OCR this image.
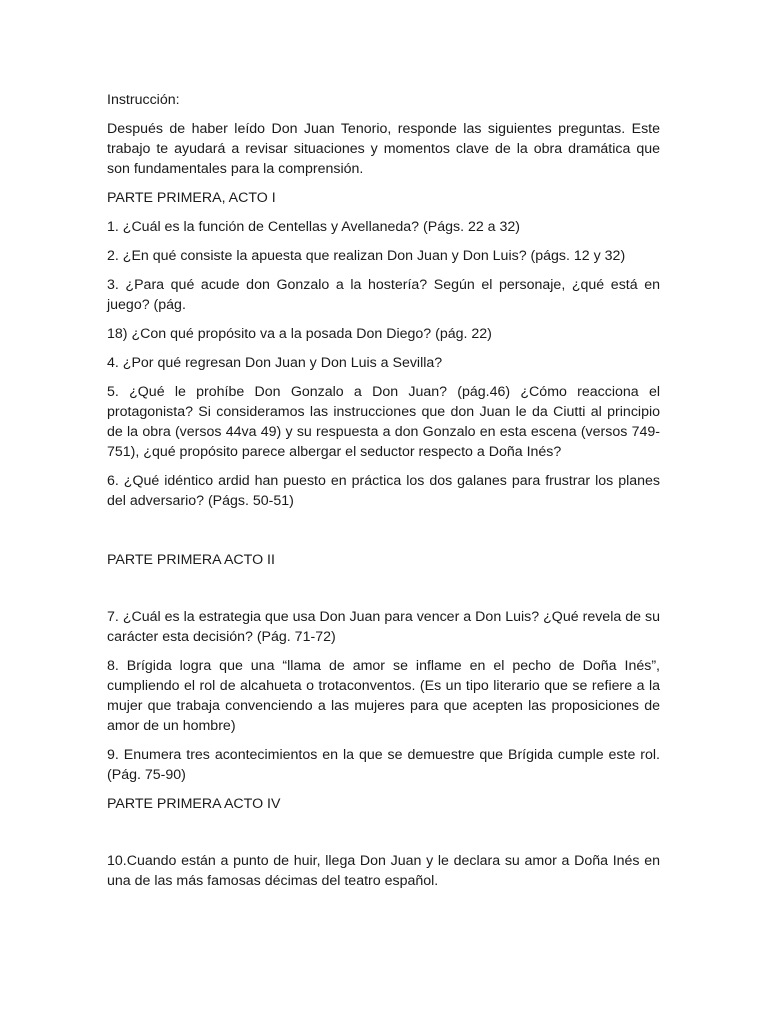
Instrucción:

Después de haber leído Don Juan Tenorio, responde las siguientes preguntas. Este trabajo te ayudará a revisar situaciones y momentos clave de la obra dramática que son fundamentales para la comprensión.

PARTE PRIMERA, ACTO I

1. ¿Cuál es la función de Centellas y Avellaneda? (Págs. 22 a 32)

2. ¿En qué consiste la apuesta que realizan Don Juan y Don Luis? (págs. 12 y 32)

3. ¿Para qué acude don Gonzalo a la hostería? Según el personaje, ¿qué está en juego? (pág.

18) ¿Con qué propósito va a la posada Don Diego? (pág. 22)

4. ¿Por qué regresan Don Juan y Don Luis a Sevilla?

5. ¿Qué le prohíbe Don Gonzalo a Don Juan? (pág.46) ¿Cómo reacciona el protagonista? Si consideramos las instrucciones que don Juan le da Ciutti al principio de la obra (versos 44va 49) y su respuesta a don Gonzalo en esta escena (versos 749-751), ¿qué propósito parece albergar el seductor respecto a Doña Inés?

6. ¿Qué idéntico ardid han puesto en práctica los dos galanes para frustrar los planes del adversario? (Págs. 50-51)

PARTE PRIMERA ACTO II

7. ¿Cuál es la estrategia que usa Don Juan para vencer a Don Luis? ¿Qué revela de su carácter esta decisión? (Pág. 71-72)

8. Brígida logra que una “llama de amor se inflame en el pecho de Doña Inés”, cumpliendo el rol de alcahueta o trotaconventos. (Es un tipo literario que se refiere a la mujer que trabaja convenciendo a las mujeres para que acepten las proposiciones de amor de un hombre)

9. Enumera tres acontecimientos en la que se demuestre que Brígida cumple este rol. (Pág. 75-90)

PARTE PRIMERA ACTO IV

10.Cuando están a punto de huir, llega Don Juan y le declara su amor a Doña Inés en una de las más famosas décimas del teatro español.
